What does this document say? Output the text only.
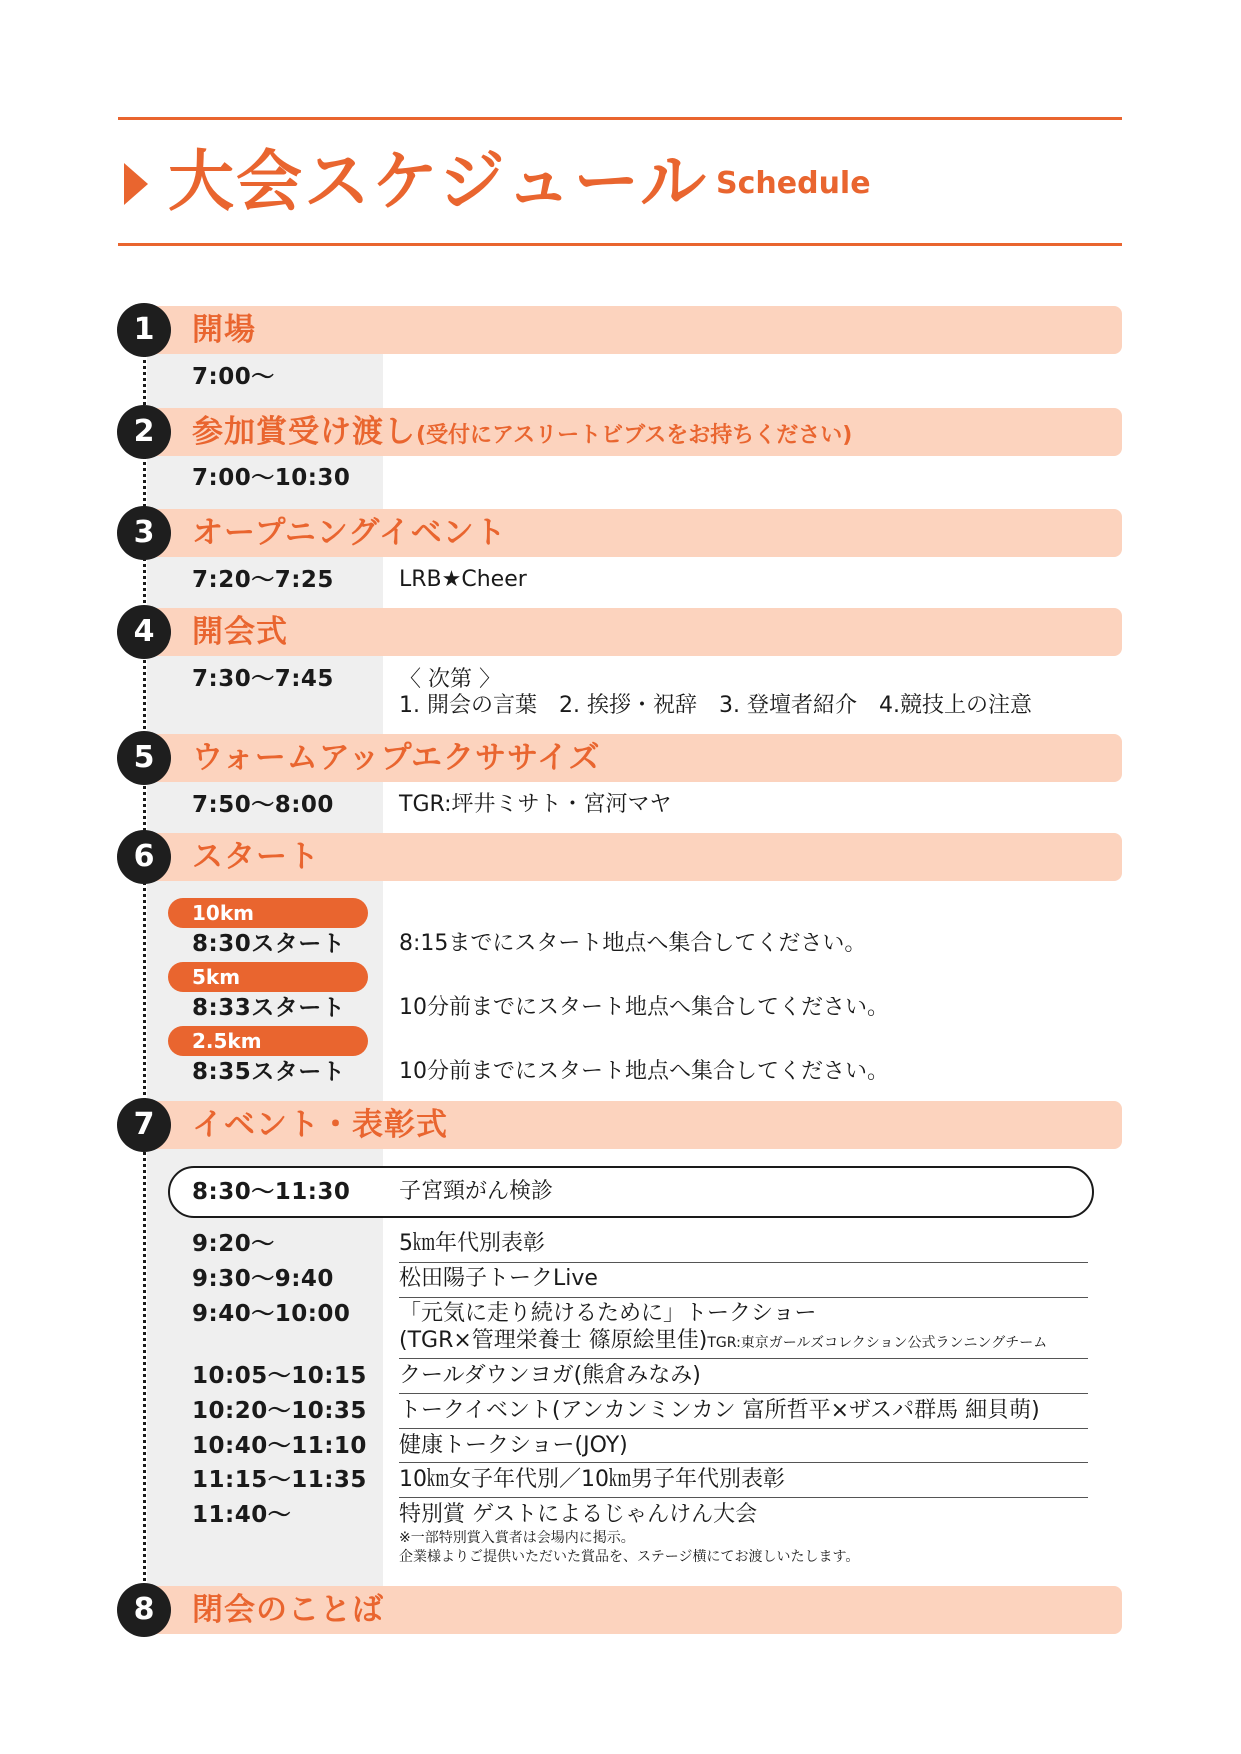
大会スケジュール Schedule
1
2
3
4
5
6
7
8
開場
参加賞受け渡し(受付にアスリートビブスをお持ちください)
オープニングイベント
開会式
ウォームアップエクササイズ
スタート
イベント・表彰式
閉会のことば
7:00〜
7:00〜10:30
7:20〜7:25	LRB★Cheer
7:30〜7:45	〈 次第 〉
1. 開会の言葉　2. 挨拶・祝辞　3. 登壇者紹介　4.競技上の注意
7:50〜8:00	TGR:坪井ミサト・宮河マヤ
10km
8:30スタート 8:15までにスタート地点へ集合してください。
5km
8:33スタート 10分前までにスタート地点へ集合してください。
2.5km
8:35スタート 10分前までにスタート地点へ集合してください。
8:30〜11:30 子宮頸がん検診
9:20〜	5㎞年代別表彰
9:30〜9:40	松田陽子トークLive
9:40〜10:00 「元気に走り続けるために」トークショー
(TGR×管理栄養士 篠原絵里佳)TGR:東京ガールズコレクション公式ランニングチーム
10:05〜10:15 クールダウンヨガ(熊倉みなみ)
10:20〜10:35 トークイベント(アンカンミンカン 富所哲平×ザスパ群馬 細貝萌)
10:40〜11:10 健康トークショー(JOY)
11:15〜11:35 10㎞女子年代別／10㎞男子年代別表彰
11:40〜	特別賞 ゲストによるじゃんけん大会
※一部特別賞入賞者は会場内に掲示。
企業様よりご提供いただいた賞品を、ステージ横にてお渡しいたします。
